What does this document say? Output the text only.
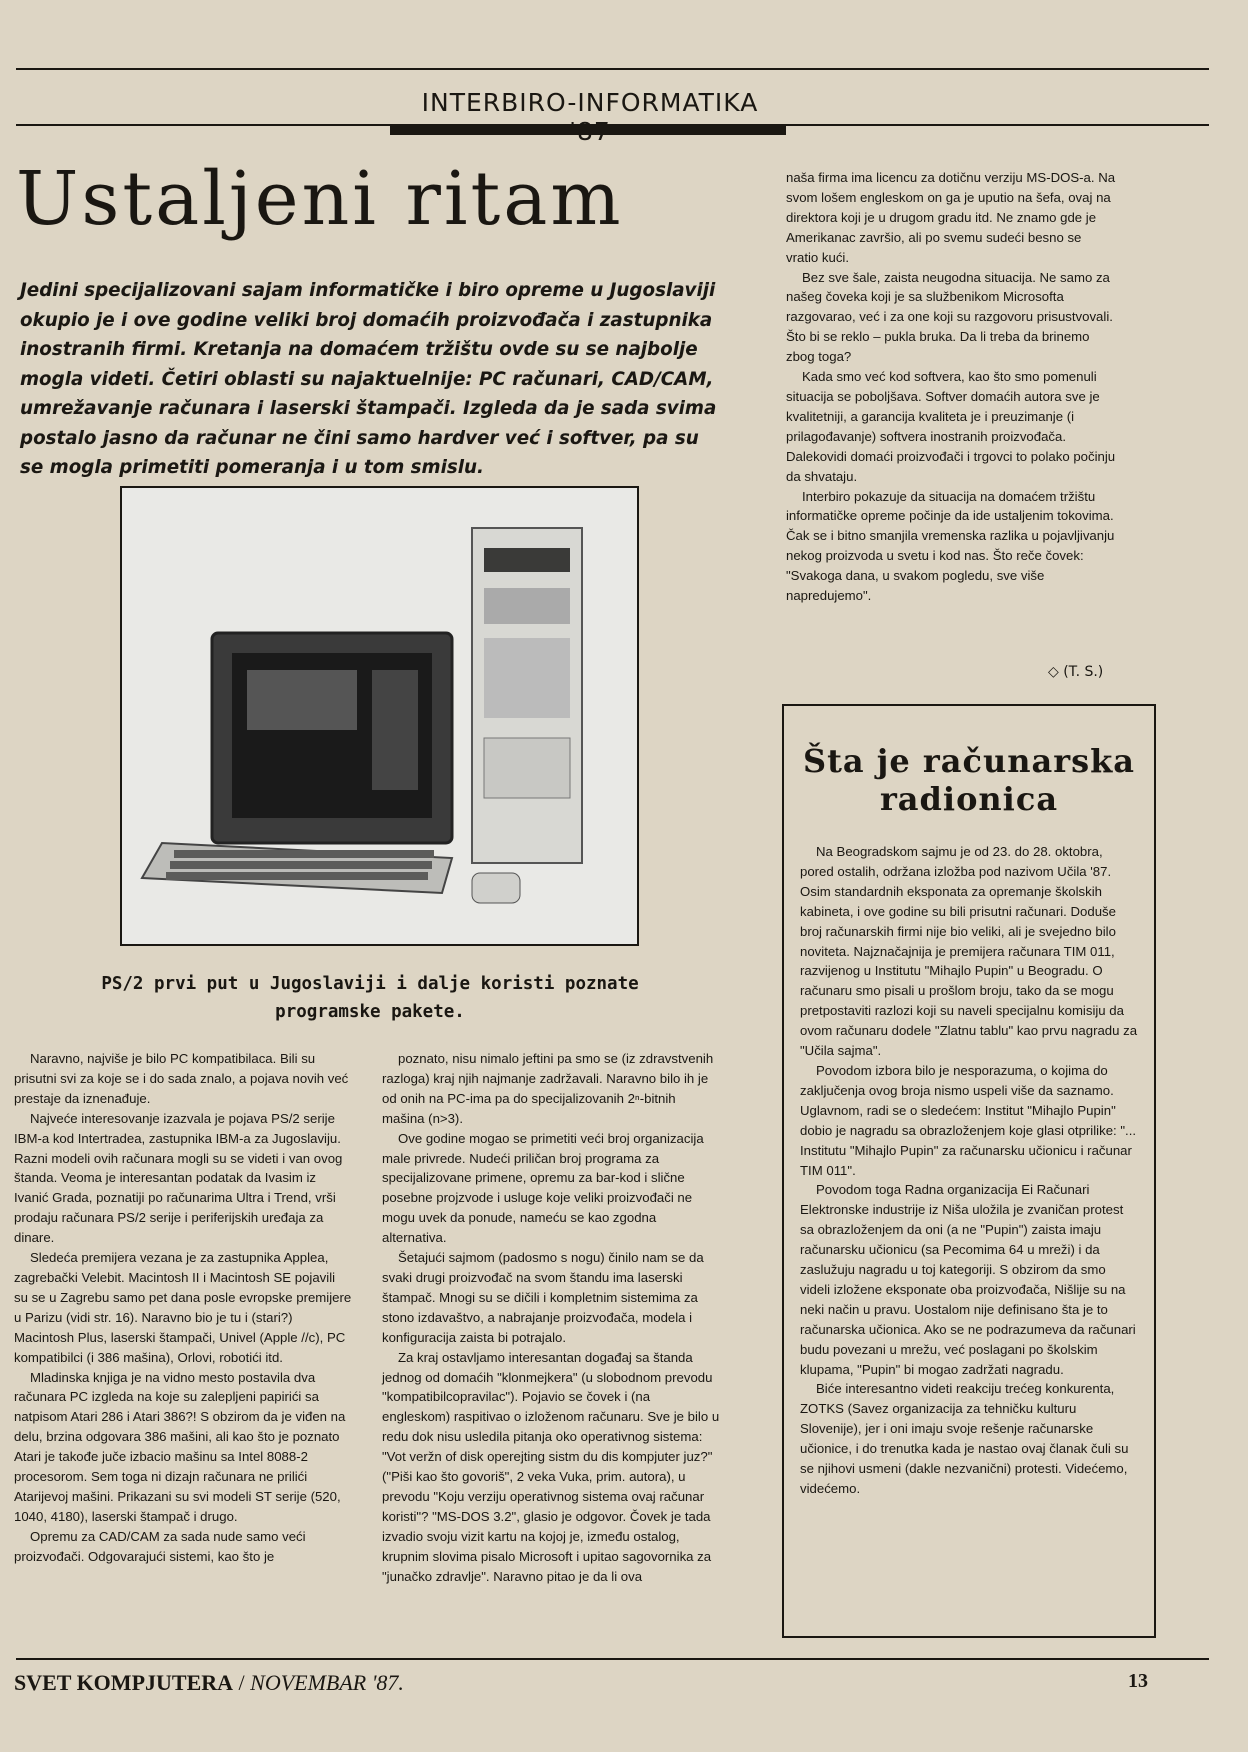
INTERBIRO-INFORMATIKA
Ustaljeni ritam
Jedini specijalizovani sajam informatičke i biro opreme u Jugoslaviji okupio je i ove godine veliki broj domaćih proizvođača i zastupnika inostranih firmi. Kretanja na domaćem tržištu ovde su se najbolje mogla videti. Četiri oblasti su najaktuelnije: PC računari, CAD/CAM, umrežavanje računara i laserski štampači. Izgleda da je sada svima postalo jasno da računar ne čini samo hardver već i softver, pa su se mogla primetiti pomeranja i u tom smislu.
PS/2 prvi put u Jugoslaviji i dalje koristi poznate programske pakete.

Naravno, najviše je bilo PC kompatibilaca. Bili su prisutni svi za koje se i do sada znalo, a pojava novih već prestaje da iznenađuje.

Najveće interesovanje izazvala je pojava PS/2 serije IBM-a kod Intertradea, zastupnika IBM-a za Jugoslaviju. Razni modeli ovih računara mogli su se videti i van ovog štanda. Veoma je interesantan podatak da Ivasim iz Ivanić Grada, poznatiji po računarima Ultra i Trend, vrši prodaju računara PS/2 serije i periferijskih uređaja za dinare.

Sledeća premijera vezana je za zastupnika Applea, zagrebački Velebit. Macintosh II i Macintosh SE pojavili su se u Zagrebu samo pet dana posle evropske premijere u Parizu (vidi str. 16). Naravno bio je tu i (stari?) Macintosh Plus, laserski štampači, Univel (Apple //c), PC kompatibilci (i 386 mašina), Orlovi, robotići itd.

Mladinska knjiga je na vidno mesto postavila dva računara PC izgleda na koje su zalepljeni papirići sa natpisom Atari 286 i Atari 386?! S obzirom da je viđen na delu, brzina odgovara 386 mašini, ali kao što je poznato Atari je takođe juče izbacio mašinu sa Intel 8088-2 procesorom. Sem toga ni dizajn računara ne prilići Atarijevoj mašini. Prikazani su svi modeli ST serije (520, 1040, 4180), laserski štampač i drugo.

Opremu za CAD/CAM za sada nude samo veći proizvođači. Odgovarajući sistemi, kao što je

poznato, nisu nimalo jeftini pa smo se (iz zdravstvenih razloga) kraj njih najmanje zadržavali. Naravno bilo ih je od onih na PC-ima pa do specijalizovanih 2ⁿ-bitnih mašina (n>3).

Ove godine mogao se primetiti veći broj organizacija male privrede. Nudeći priličan broj programa za specijalizovane primene, opremu za bar-kod i slične posebne projzvode i usluge koje veliki proizvođači ne mogu uvek da ponude, nameću se kao zgodna alternativa.

Šetajući sajmom (padosmo s nogu) činilo nam se da svaki drugi proizvođač na svom štandu ima laserski štampač. Mnogi su se dičili i kompletnim sistemima za stono izdavaštvo, a nabrajanje proizvođača, modela i konfiguracija zaista bi potrajalo.

Za kraj ostavljamo interesantan događaj sa štanda jednog od domaćih "klonmejkera" (u slobodnom prevodu "kompatibilcopravilac"). Pojavio se čovek i (na engleskom) raspitivao o izloženom računaru. Sve je bilo u redu dok nisu usledila pitanja oko operativnog sistema: "Vot veržn of disk operejting sistm du dis kompjuter juz?" ("Piši kao što govoriš", 2 veka Vuka, prim. autora), u prevodu "Koju verziju operativnog sistema ovaj računar koristi"? "MS-DOS 3.2", glasio je odgovor. Čovek je tada izvadio svoju vizit kartu na kojoj je, između ostalog, krupnim slovima pisalo Microsoft i upitao sagovornika za "junačko zdravlje". Naravno pitao je da li ova

naša firma ima licencu za dotičnu verziju MS-DOS-a. Na svom lošem engleskom on ga je uputio na šefa, ovaj na direktora koji je u drugom gradu itd. Ne znamo gde je Amerikanac završio, ali po svemu sudeći besno se vratio kući.

Bez sve šale, zaista neugodna situacija. Ne samo za našeg čoveka koji je sa službenikom Microsofta razgovarao, već i za one koji su razgovoru prisustvovali. Što bi se reklo – pukla bruka. Da li treba da brinemo zbog toga?

Kada smo već kod softvera, kao što smo pomenuli situacija se poboljšava. Softver domaćih autora sve je kvalitetniji, a garancija kvaliteta je i preuzimanje (i prilagođavanje) softvera inostranih proizvođača. Dalekovidi domaći proizvođači i trgovci to polako počinju da shvataju.

Interbiro pokazuje da situacija na domaćem tržištu informatičke opreme počinje da ide ustaljenim tokovima. Čak se i bitno smanjila vremenska razlika u pojavljivanju nekog proizvoda u svetu i kod nas. Što reče čovek: "Svakoga dana, u svakom pogledu, sve više napredujemo".

◇ (T. S.)
Šta je računarska radionica

Na Beogradskom sajmu je od 23. do 28. oktobra, pored ostalih, održana izložba pod nazivom Učila '87. Osim standardnih eksponata za opremanje školskih kabineta, i ove godine su bili prisutni računari. Doduše broj računarskih firmi nije bio veliki, ali je svejedno bilo noviteta. Najznačajnija je premijera računara TIM 011, razvijenog u Institutu "Mihajlo Pupin" u Beogradu. O računaru smo pisali u prošlom broju, tako da se mogu pretpostaviti razlozi koji su naveli specijalnu komisiju da ovom računaru dodele "Zlatnu tablu" kao prvu nagradu za "Učila sajma".

Povodom izbora bilo je nesporazuma, o kojima do zaključenja ovog broja nismo uspeli više da saznamo. Uglavnom, radi se o sledećem: Institut "Mihajlo Pupin" dobio je nagradu sa obrazloženjem koje glasi otprilike: "... Institutu "Mihajlo Pupin" za računarsku učionicu i računar TIM 011".

Povodom toga Radna organizacija Ei Računari Elektronske industrije iz Niša uložila je zvaničan protest sa obrazloženjem da oni (a ne "Pupin") zaista imaju računarsku učionicu (sa Pecomima 64 u mreži) i da zaslužuju nagradu u toj kategoriji. S obzirom da smo videli izložene eksponate oba proizvođača, Nišlije su na neki način u pravu. Uostalom nije definisano šta je to računarska učionica. Ako se ne podrazumeva da računari budu povezani u mrežu, već poslagani po školskim klupama, "Pupin" bi mogao zadržati nagradu.

Biće interesantno videti reakciju trećeg konkurenta, ZOTKS (Savez organizacija za tehničku kulturu Slovenije), jer i oni imaju svoje rešenje računarske učionice, i do trenutka kada je nastao ovaj članak čuli su se njihovi usmeni (dakle nezvanični) protesti. Videćemo, videćemo.

SVET KOMPJUTERA / NOVEMBAR '87.	13
